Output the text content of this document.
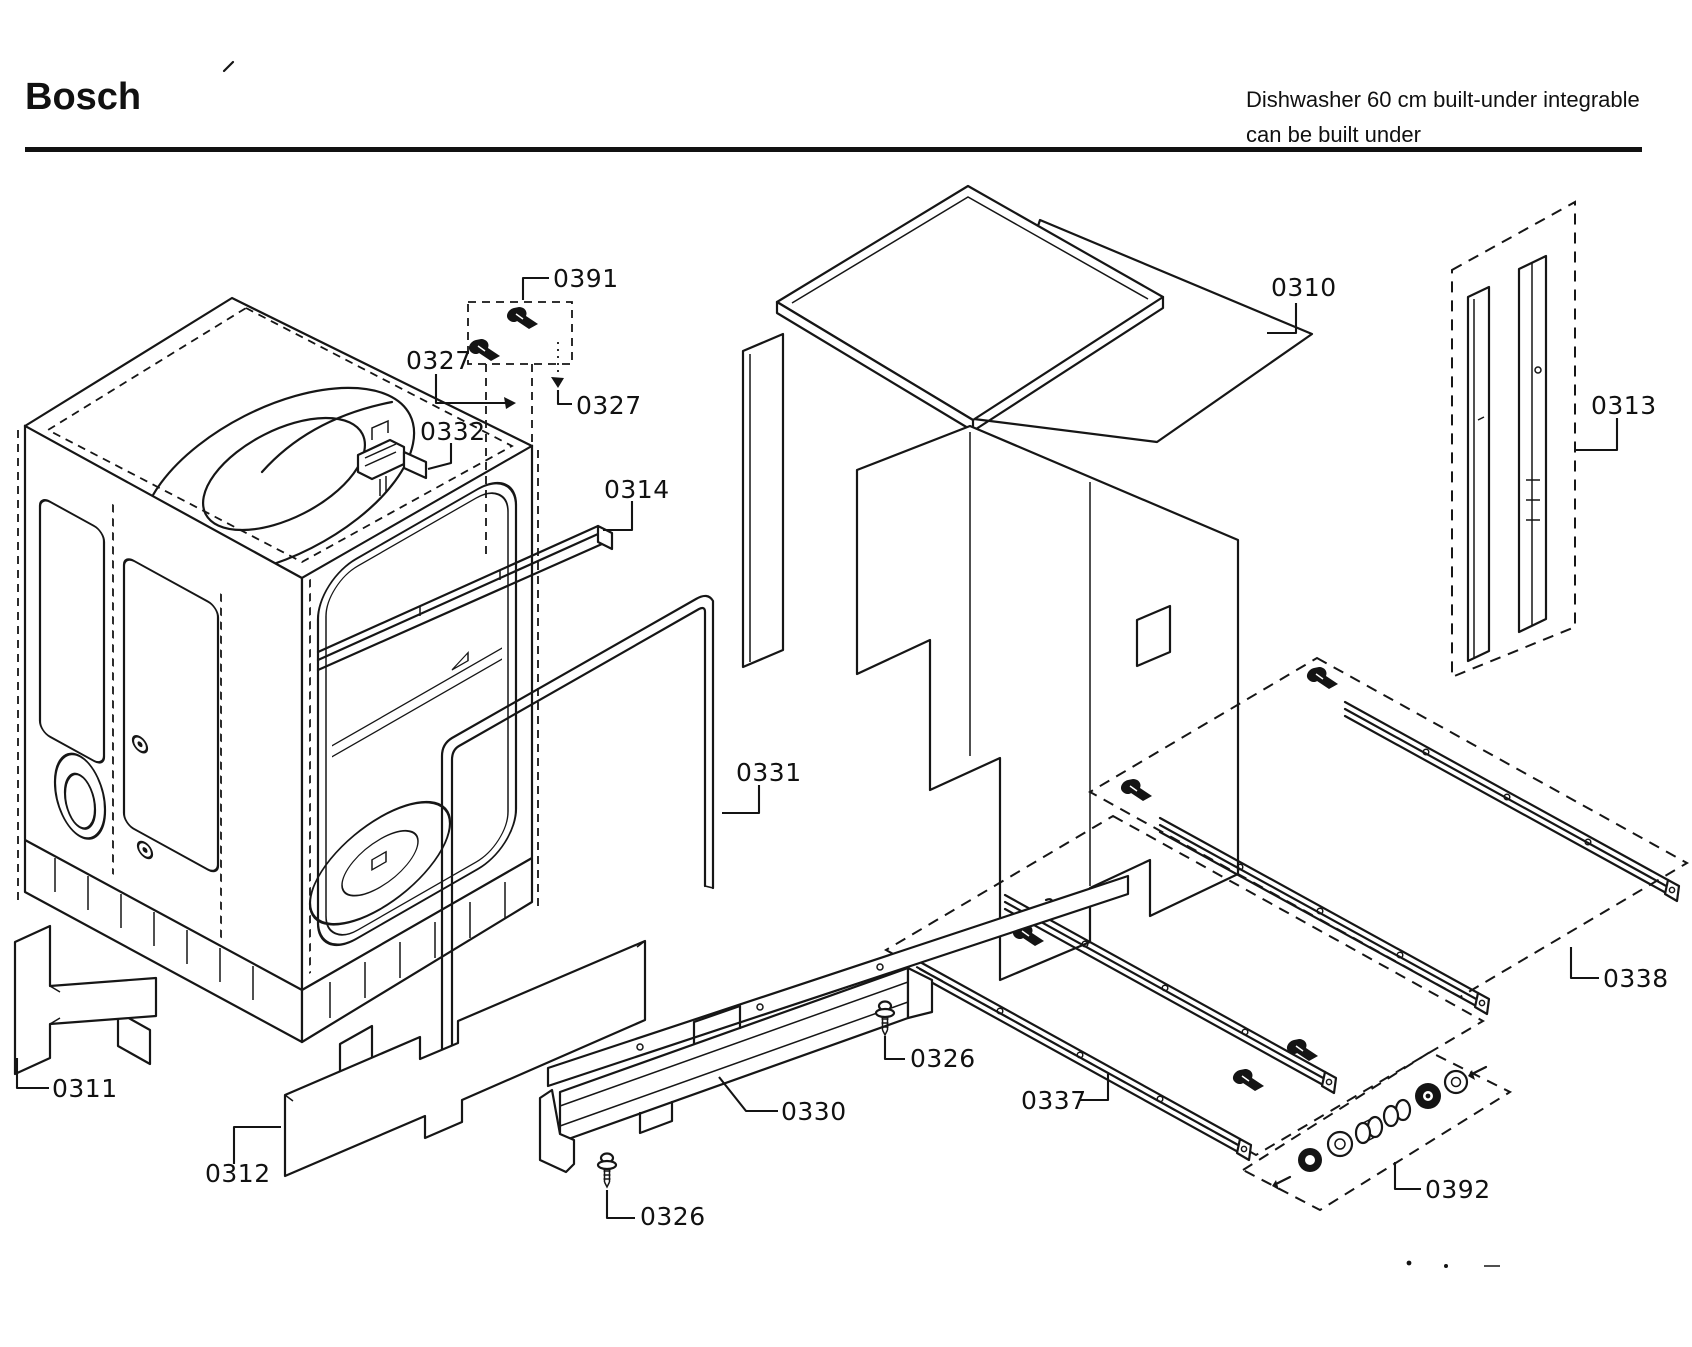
0391
0327
0327
0332
0314
0310
0313
0331
0311
0312
0330
0326
0326
0337
0338
0392
Bosch	Dishwasher 60 cm built-under integrable
can be built under
